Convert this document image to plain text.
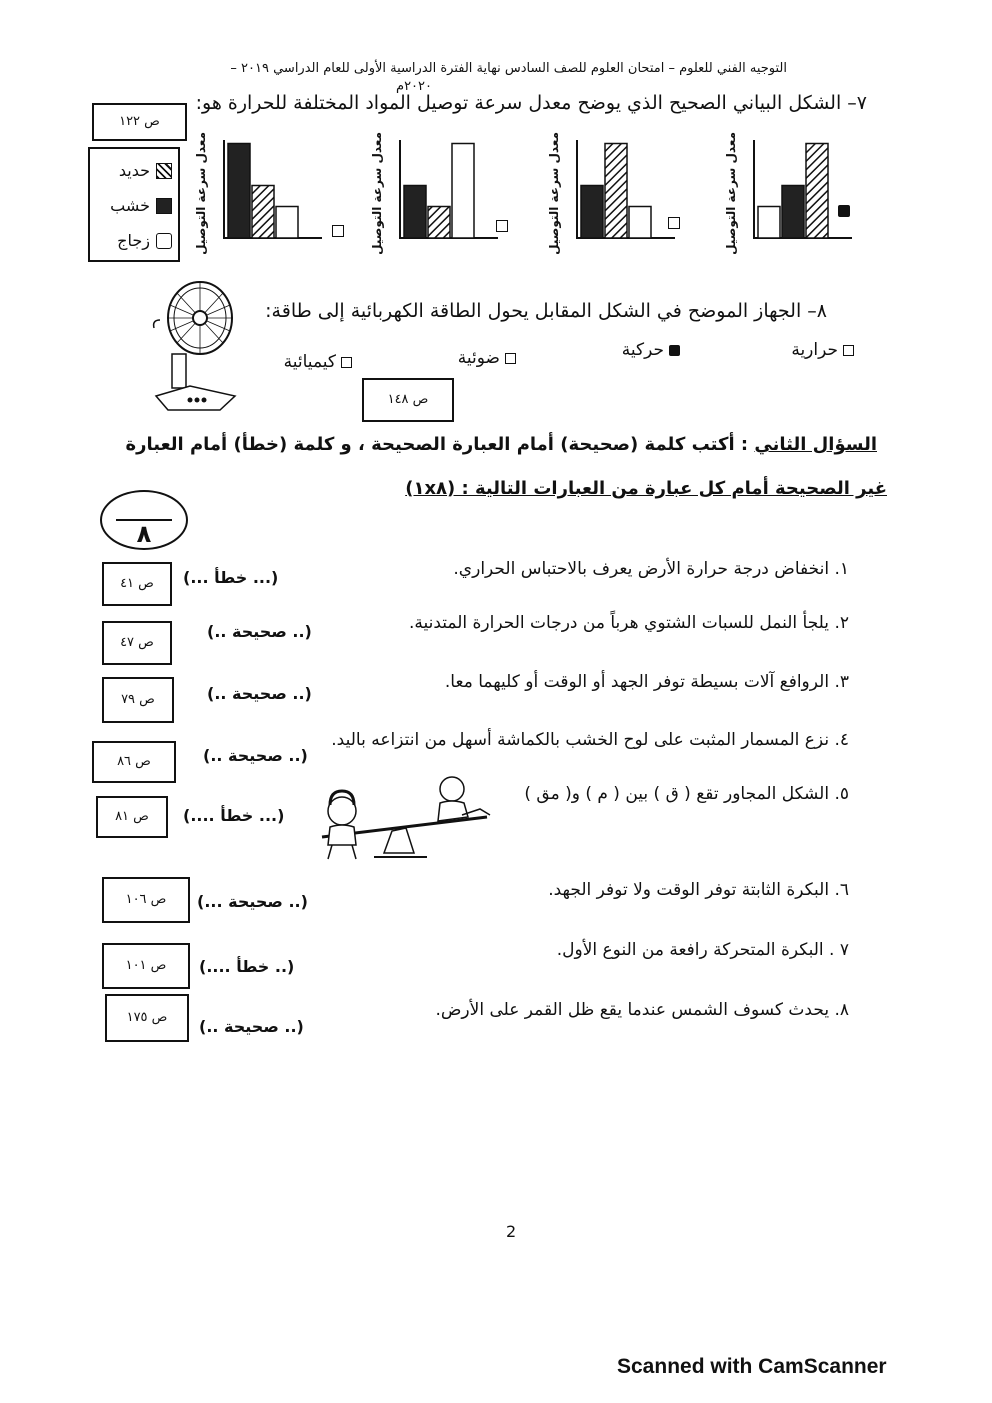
التوجيه الفني للعلوم – امتحان العلوم للصف السادس نهاية الفترة الدراسية الأولى للعام الدراسي ٢٠١٩ –
٢٠٢٠م
٧– الشكل البياني الصحيح الذي يوضح معدل سرعة توصيل المواد المختلفة للحرارة هو:
ص ١٢٢
حديد
خشب
زجاج	معدل سرعة التوصيل
معدل سرعة التوصيل
معدل سرعة التوصيل
معدل سرعة التوصيل
٨– الجهاز الموضح في الشكل المقابل يحول الطاقة الكهربائية إلى طاقة:
حرارية
حركية
ضوئية
كيميائية
ص ١٤٨
السؤال الثاني : أكتب كلمة (صحيحة) أمام العبارة الصحيحة ، و كلمة (خطأ) أمام العبارة
غير الصحيحة أمام كل عبارة من العبارات التالية : (١x٨)
٨
١. انخفاض درجة حرارة الأرض يعرف بالاحتباس الحراري.
(... خطأ ...)
ص ٤١
٢. يلجأ النمل للسبات الشتوي هرباً من درجات الحرارة المتدنية.
(.. صحيحة ..)
ص ٤٧
٣. الروافع آلات بسيطة توفر الجهد أو الوقت أو كليهما معا.
(.. صحيحة ..)
ص ٧٩
٤. نزع المسمار المثبت على لوح الخشب بالكماشة أسهل من انتزاعه باليد.
(.. صحيحة ..)
ص ٨٦
٥. الشكل المجاور تقع ( ق ) بين ( م ) و( مق )
(... خطأ ....)
ص ٨١
٦. البكرة الثابتة توفر الوقت ولا توفر الجهد.
(.. صحيحة ...)
ص ١٠٦
٧ . البكرة المتحركة رافعة من النوع الأول.
(.. خطأ ....)
ص ١٠١
٨. يحدث كسوف الشمس عندما يقع ظل القمر على الأرض.
(.. صحيحة ..)
ص ١٧٥
2
Scanned with CamScanner
